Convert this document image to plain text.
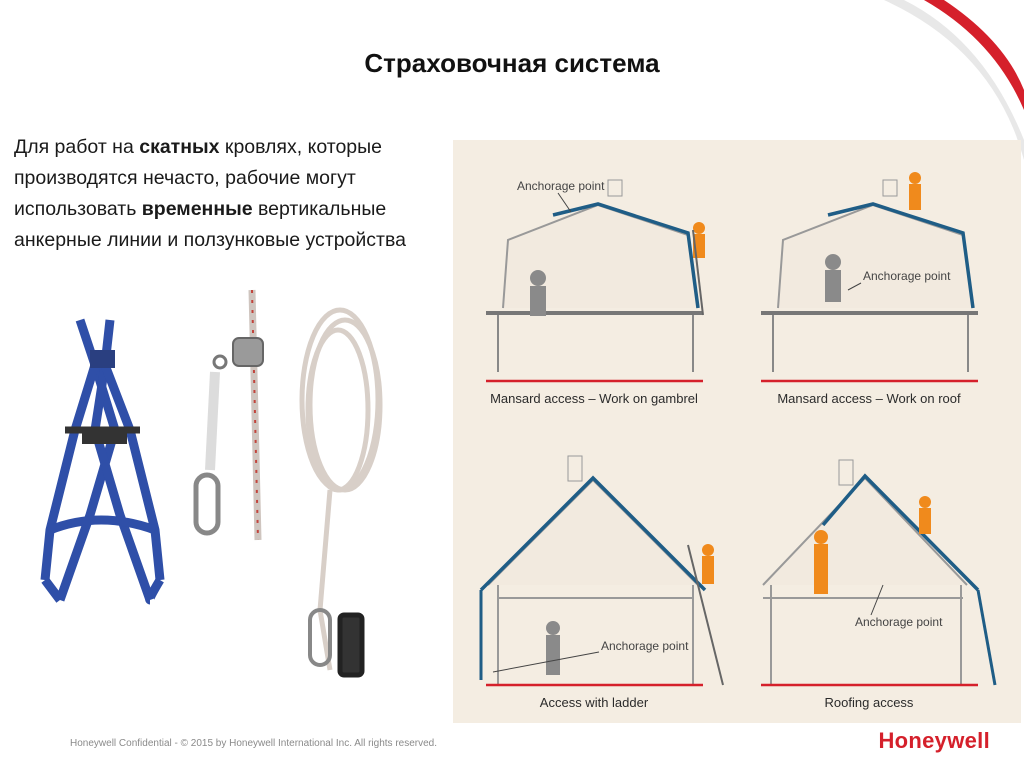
Страховочная система
Для работ на скатных кровлях, которые производятся нечасто, рабочие могут использовать временные вертикальные анкерные линии и ползунковые устройства
Anchorage point
Mansard access – Work on gambrel
Anchorage point
Mansard access – Work on roof
Anchorage point
Access with ladder
Anchorage point
Roofing access
Honeywell Confidential - © 2015 by Honeywell International Inc. All rights reserved.	Honeywell
